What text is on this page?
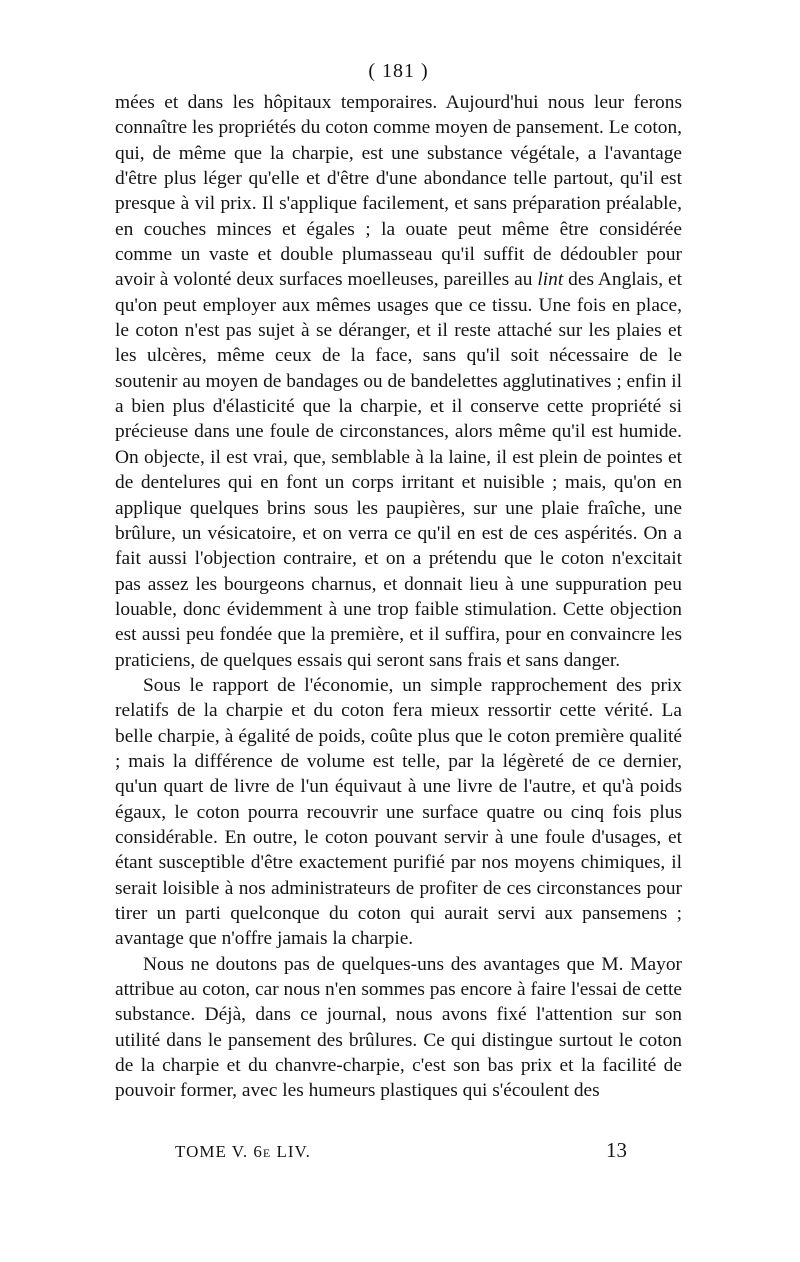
( 181 )

mées et dans les hôpitaux temporaires. Aujourd'hui nous leur ferons connaître les propriétés du coton comme moyen de pansement. Le coton, qui, de même que la charpie, est une substance végétale, a l'avantage d'être plus léger qu'elle et d'être d'une abondance telle partout, qu'il est presque à vil prix. Il s'applique facilement, et sans préparation préalable, en couches minces et égales ; la ouate peut même être considérée comme un vaste et double plumasseau qu'il suffit de dédoubler pour avoir à volonté deux surfaces moelleuses, pareilles au lint des Anglais, et qu'on peut employer aux mêmes usages que ce tissu. Une fois en place, le coton n'est pas sujet à se déranger, et il reste attaché sur les plaies et les ulcères, même ceux de la face, sans qu'il soit nécessaire de le soutenir au moyen de bandages ou de bandelettes agglutinatives ; enfin il a bien plus d'élasticité que la charpie, et il conserve cette propriété si précieuse dans une foule de circonstances, alors même qu'il est humide. On objecte, il est vrai, que, semblable à la laine, il est plein de pointes et de dentelures qui en font un corps irritant et nuisible ; mais, qu'on en applique quelques brins sous les paupières, sur une plaie fraîche, une brûlure, un vésicatoire, et on verra ce qu'il en est de ces aspérités. On a fait aussi l'objection contraire, et on a prétendu que le coton n'excitait pas assez les bourgeons charnus, et donnait lieu à une suppuration peu louable, donc évidemment à une trop faible stimulation. Cette objection est aussi peu fondée que la première, et il suffira, pour en convaincre les praticiens, de quelques essais qui seront sans frais et sans danger.

Sous le rapport de l'économie, un simple rapprochement des prix relatifs de la charpie et du coton fera mieux ressortir cette vérité. La belle charpie, à égalité de poids, coûte plus que le coton première qualité ; mais la différence de volume est telle, par la légèreté de ce dernier, qu'un quart de livre de l'un équivaut à une livre de l'autre, et qu'à poids égaux, le coton pourra recouvrir une surface quatre ou cinq fois plus considérable. En outre, le coton pouvant servir à une foule d'usages, et étant susceptible d'être exactement purifié par nos moyens chimiques, il serait loisible à nos administrateurs de profiter de ces circonstances pour tirer un parti quelconque du coton qui aurait servi aux pansemens ; avantage que n'offre jamais la charpie.

Nous ne doutons pas de quelques-uns des avantages que M. Mayor attribue au coton, car nous n'en sommes pas encore à faire l'essai de cette substance. Déjà, dans ce journal, nous avons fixé l'attention sur son utilité dans le pansement des brûlures. Ce qui distingue surtout le coton de la charpie et du chanvre-charpie, c'est son bas prix et la facilité de pouvoir former, avec les humeurs plastiques qui s'écoulent des

TOME V. 6e LIV.	13
